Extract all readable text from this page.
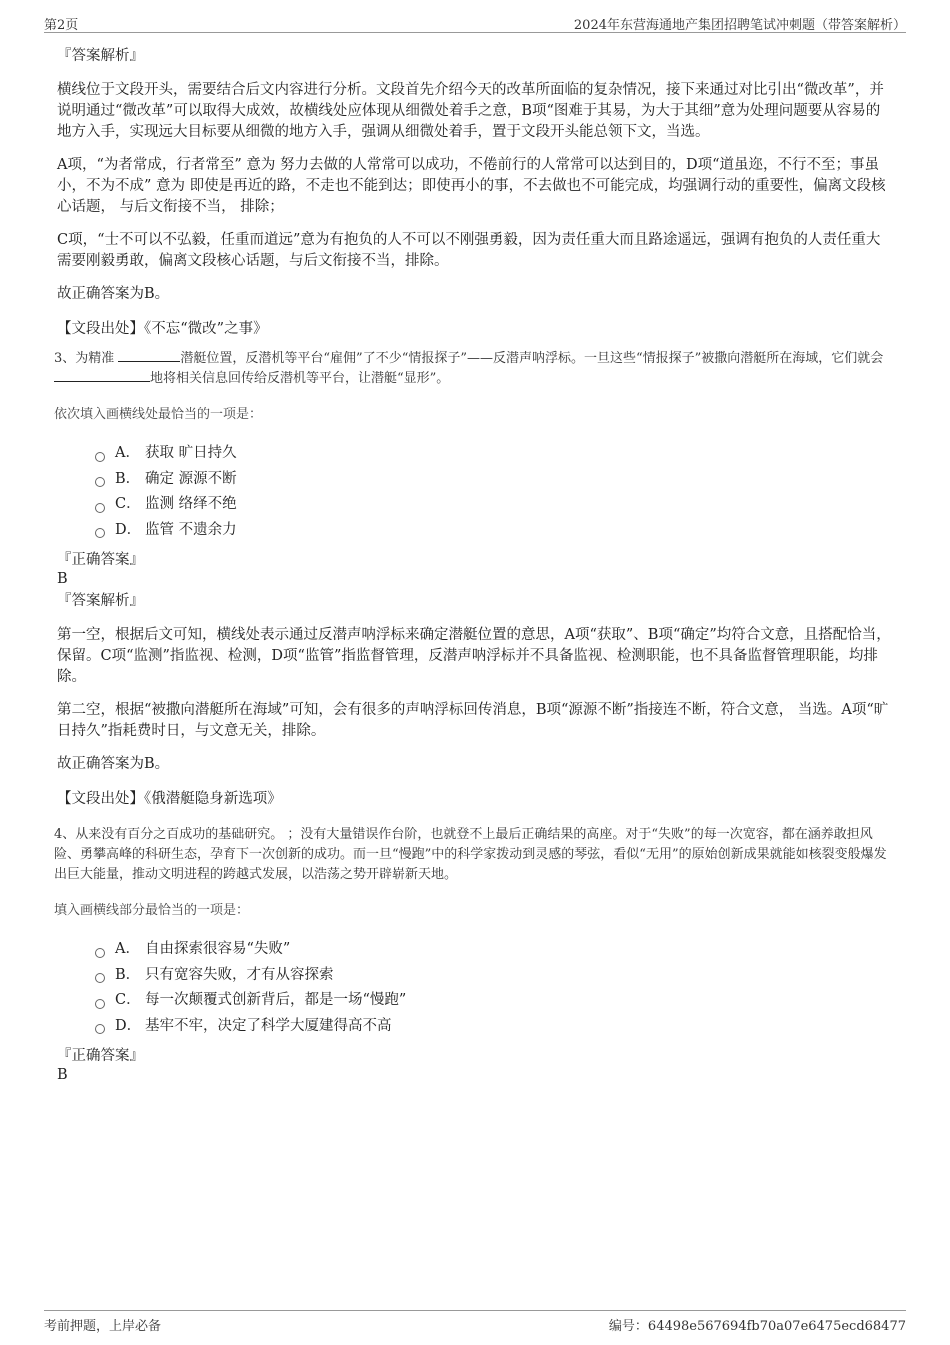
第2页	2024年东营海通地产集团招聘笔试冲刺题（带答案解析）
『答案解析』

横线位于文段开头，需要结合后文内容进行分析。文段首先介绍今天的改革所面临的复杂情况，接下来通过对比引出“微改革”，并说明通过“微改革”可以取得大成效，故横线处应体现从细微处着手之意，B项“图难于其易，为大于其细”意为处理问题要从容易的地方入手，实现远大目标要从细微的地方入手，强调从细微处着手，置于文段开头能总领下文，当选。

A项，“为者常成，行者常至” 意为 努力去做的人常常可以成功，不倦前行的人常常可以达到目的，D项“道虽迩，不行不至；事虽小，不为不成” 意为 即使是再近的路，不走也不能到达；即使再小的事，不去做也不可能完成，均强调行动的重要性，偏离文段核心话题， 与后文衔接不当， 排除；

C项，“士不可以不弘毅，任重而道远”意为有抱负的人不可以不刚强勇毅，因为责任重大而且路途遥远，强调有抱负的人责任重大需要刚毅勇敢，偏离文段核心话题，与后文衔接不当，排除。

故正确答案为B。

【文段出处】《不忘“微改”之事》
3、为精准	潜艇位置，反潜机等平台“雇佣”了不少“情报探子”——反潜声呐浮标。一旦这些“情报探子”被撒向潜艇所在海域，它们就会 地将相关信息回传给反潜机等平台，让潜艇“显形”。
依次填入画横线处最恰当的一项是：
A． 获取 旷日持久
B． 确定 源源不断
C． 监测 络绎不绝
D． 监管 不遗余力
『正确答案』
B
『答案解析』

第一空，根据后文可知，横线处表示通过反潜声呐浮标来确定潜艇位置的意思，A项“获取”、B项“确定”均符合文意，且搭配恰当，保留。C项“监测”指监视、检测，D项“监管”指监督管理，反潜声呐浮标并不具备监视、检测职能，也不具备监督管理职能，均排除。

第二空，根据“被撒向潜艇所在海域”可知，会有很多的声呐浮标回传消息，B项“源源不断”指接连不断，符合文意， 当选。A项“旷日持久”指耗费时日，与文意无关，排除。

故正确答案为B。

【文段出处】《俄潜艇隐身新选项》
4、从来没有百分之百成功的基础研究。 ；没有大量错误作台阶，也就登不上最后正确结果的高座。对于“失败”的每一次宽容，都在涵养敢担风险、勇攀高峰的科研生态，孕育下一次创新的成功。而一旦“慢跑”中的科学家拨动到灵感的琴弦，看似“无用”的原始创新成果就能如核裂变般爆发出巨大能量，推动文明进程的跨越式发展，以浩荡之势开辟崭新天地。
填入画横线部分最恰当的一项是：
A． 自由探索很容易“失败”
B． 只有宽容失败，才有从容探索
C． 每一次颠覆式创新背后，都是一场“慢跑”
D． 基牢不牢，决定了科学大厦建得高不高
『正确答案』
B
考前押题，上岸必备	编号：64498e567694fb70a07e6475ecd68477
